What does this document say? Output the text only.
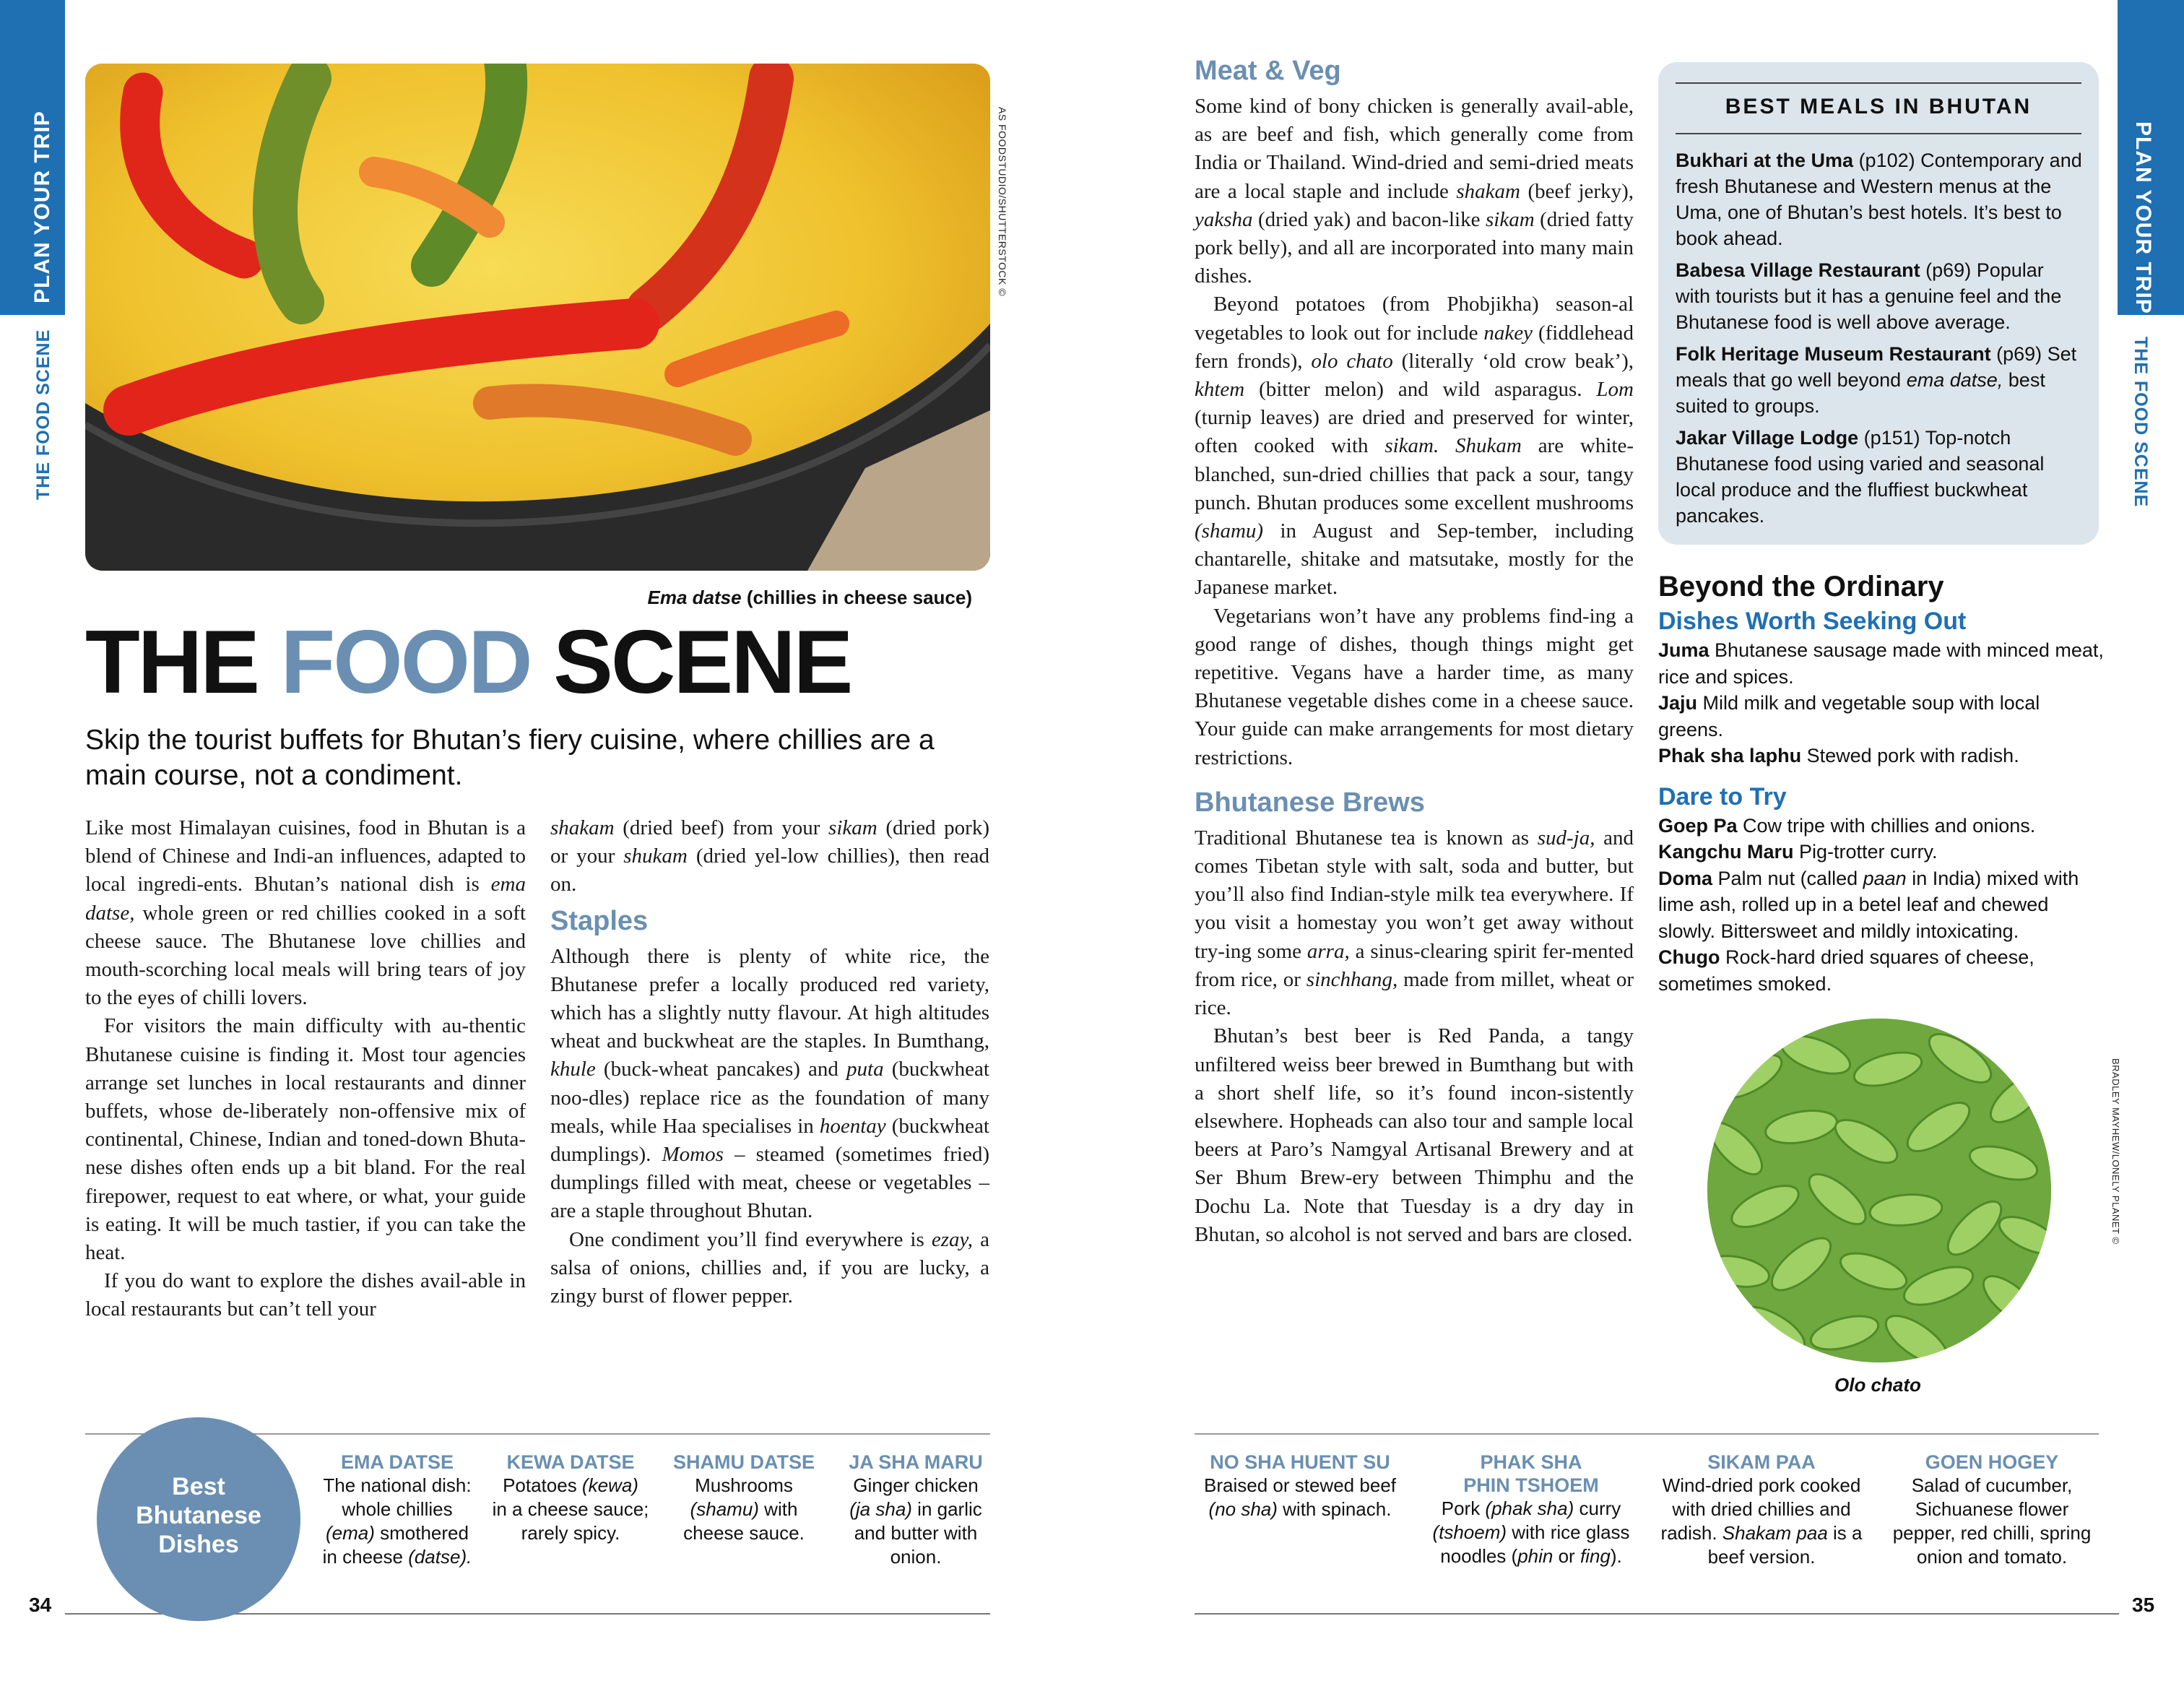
PLAN YOUR TRIP
THE FOOD SCENE
PLAN YOUR TRIP
THE FOOD SCENE
AS FOODSTUDIO/SHUTTERSTOCK ©
Ema datse (chillies in cheese sauce)
THE FOOD SCENE
Skip the tourist buffets for Bhutan’s fiery cuisine, where chillies are a main course, not a condiment.

Like most Himalayan cuisines, food in Bhutan is a blend of Chinese and Indi-an influences, adapted to local ingredi-ents. Bhutan’s national dish is ema datse, whole green or red chillies cooked in a soft cheese sauce. The Bhutanese love chillies and mouth-scorching local meals will bring tears of joy to the eyes of chilli lovers.

For visitors the main difficulty with au-thentic Bhutanese cuisine is finding it. Most tour agencies arrange set lunches in local restaurants and dinner buffets, whose de-liberately non-offensive mix of continental, Chinese, Indian and toned-down Bhuta-nese dishes often ends up a bit bland. For the real firepower, request to eat where, or what, your guide is eating. It will be much tastier, if you can take the heat.

If you do want to explore the dishes avail-able in local restaurants but can’t tell your

shakam (dried beef) from your sikam (dried pork) or your shukam (dried yel-low chillies), then read on.

Staples

Although there is plenty of white rice, the Bhutanese prefer a locally produced red variety, which has a slightly nutty flavour. At high altitudes wheat and buckwheat are the staples. In Bumthang, khule (buck-wheat pancakes) and puta (buckwheat noo-dles) replace rice as the foundation of many meals, while Haa specialises in hoentay (buckwheat dumplings). Momos – steamed (sometimes fried) dumplings filled with meat, cheese or vegetables – are a staple throughout Bhutan.

One condiment you’ll find everywhere is ezay, a salsa of onions, chillies and, if you are lucky, a zingy burst of flower pepper.

Meat & Veg

Some kind of bony chicken is generally avail-able, as are beef and fish, which generally come from India or Thailand. Wind-dried and semi-dried meats are a local staple and include shakam (beef jerky), yaksha (dried yak) and bacon-like sikam (dried fatty pork belly), and all are incorporated into many main dishes.

Beyond potatoes (from Phobjikha) season-al vegetables to look out for include nakey (fiddlehead fern fronds), olo chato (literally ‘old crow beak’), khtem (bitter melon) and wild asparagus. Lom (turnip leaves) are dried and preserved for winter, often cooked with sikam. Shukam are white-blanched, sun-dried chillies that pack a sour, tangy punch. Bhutan produces some excellent mushrooms (shamu) in August and Sep-tember, including chantarelle, shitake and matsutake, mostly for the Japanese market.

Vegetarians won’t have any problems find-ing a good range of dishes, though things might get repetitive. Vegans have a harder time, as many Bhutanese vegetable dishes come in a cheese sauce. Your guide can make arrangements for most dietary restrictions.

Bhutanese Brews

Traditional Bhutanese tea is known as sud-ja, and comes Tibetan style with salt, soda and butter, but you’ll also find Indian-style milk tea everywhere. If you visit a homestay you won’t get away without try-ing some arra, a sinus-clearing spirit fer-mented from rice, or sinchhang, made from millet, wheat or rice.

Bhutan’s best beer is Red Panda, a tangy unfiltered weiss beer brewed in Bumthang but with a short shelf life, so it’s found incon-sistently elsewhere. Hopheads can also tour and sample local beers at Paro’s Namgyal Artisanal Brewery and at Ser Bhum Brew-ery between Thimphu and the Dochu La. Note that Tuesday is a dry day in Bhutan, so alcohol is not served and bars are closed.

BEST MEALS IN BHUTAN
Bukhari at the Uma (p102) Contemporary and fresh Bhutanese and Western menus at the Uma, one of Bhutan’s best hotels. It’s best to book ahead.
Babesa Village Restaurant (p69) Popular with tourists but it has a genuine feel and the Bhutanese food is well above average.
Folk Heritage Museum Restaurant (p69) Set meals that go well beyond ema datse, best suited to groups.
Jakar Village Lodge (p151) Top-notch Bhutanese food using varied and seasonal local produce and the fluffiest buckwheat pancakes.
Beyond the Ordinary
Dishes Worth Seeking Out
Juma Bhutanese sausage made with minced meat, rice and spices.
Jaju Mild milk and vegetable soup with local greens.
Phak sha laphu Stewed pork with radish.
Dare to Try
Goep Pa Cow tripe with chillies and onions.
Kangchu Maru Pig-trotter curry.
Doma Palm nut (called paan in India) mixed with lime ash, rolled up in a betel leaf and chewed slowly. Bittersweet and mildly intoxicating.
Chugo Rock-hard dried squares of cheese, sometimes smoked.
BRADLEY MAYHEW/LONELY PLANET ©
Olo chato
Best
Bhutanese
Dishes
EMA DATSE
The national dish:
whole chillies
(ema) smothered
in cheese (datse).
KEWA DATSE
Potatoes (kewa)
in a cheese sauce;
rarely spicy.
SHAMU DATSE
Mushrooms
(shamu) with
cheese sauce.
JA SHA MARU
Ginger chicken
(ja sha) in garlic
and butter with
onion.
NO SHA HUENT SU
Braised or stewed beef
(no sha) with spinach.
PHAK SHA
PHIN TSHOEM
Pork (phak sha) curry
(tshoem) with rice glass
noodles (phin or fing).
SIKAM PAA
Wind-dried pork cooked
with dried chillies and
radish. Shakam paa is a
beef version.
GOEN HOGEY
Salad of cucumber,
Sichuanese flower
pepper, red chilli, spring
onion and tomato.
34	35
